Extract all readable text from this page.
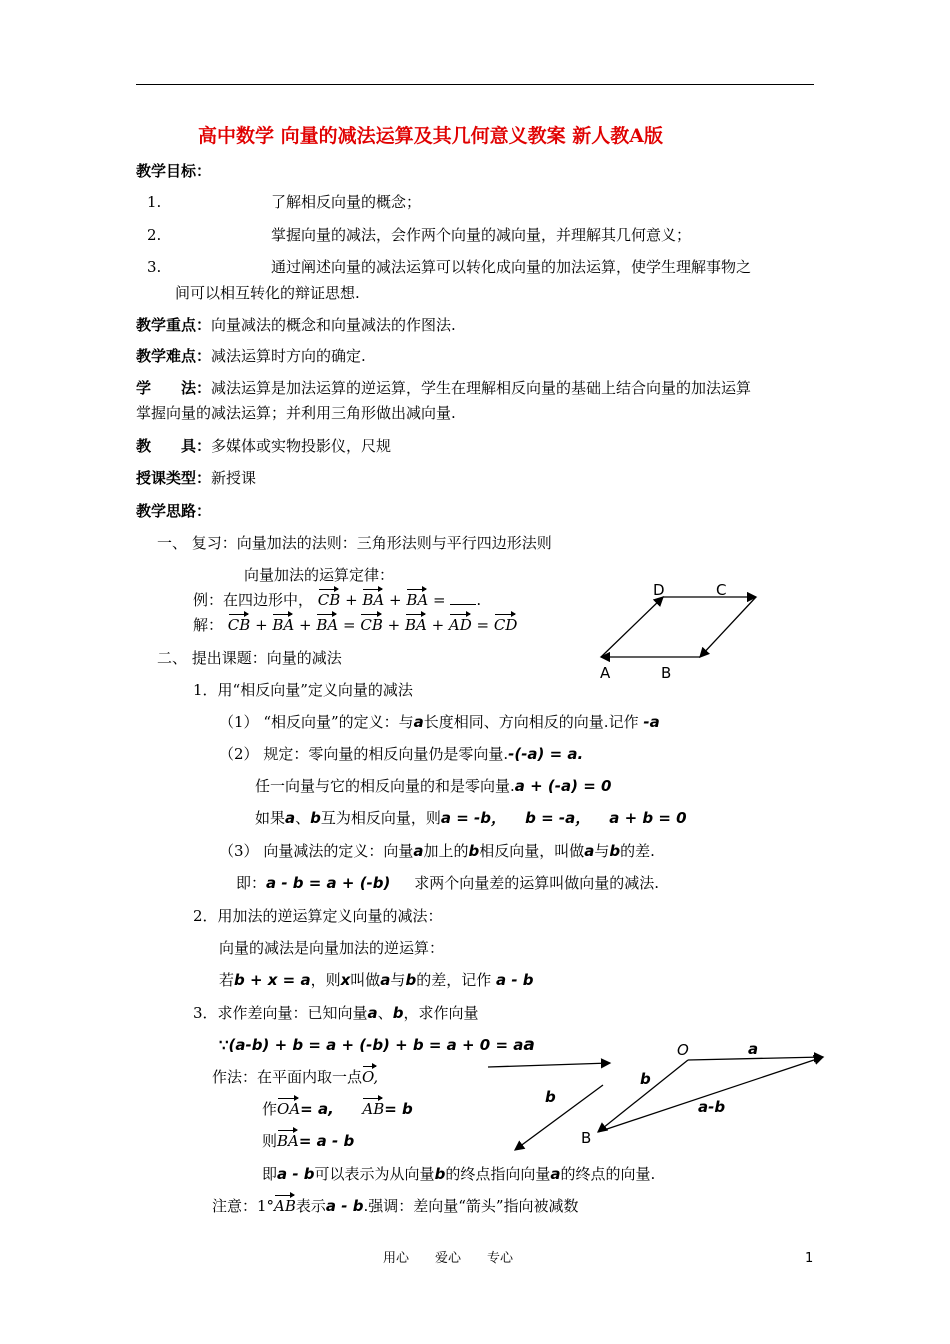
高中数学 向量的减法运算及其几何意义教案 新人教A版
教学目标：
1.	了解相反向量的概念；
2.	掌握向量的减法，会作两个向量的减向量，并理解其几何意义；
3.	通过阐述向量的减法运算可以转化成向量的加法运算，使学生理解事物之
间可以相互转化的辩证思想.
教学重点：向量减法的概念和向量减法的作图法.
教学难点：减法运算时方向的确定.
学　　法：减法运算是加法运算的逆运算，学生在理解相反向量的基础上结合向量的加法运算
掌握向量的减法运算；并利用三角形做出减向量.
教　　具：多媒体或实物投影仪，尺规
授课类型：新授课
教学思路：
一、 复习：向量加法的法则：三角形法则与平行四边形法则
向量加法的运算定律：
例：在四边形中， CB + BA + BA = .
解： CB + BA + BA = CB + BA + AD = CD
D	C
A	B
二、 提出课题：向量的减法
1．用“相反向量”定义向量的减法
（1） “相反向量”的定义：与a长度相同、方向相反的向量.记作 -a
（2） 规定：零向量的相反向量仍是零向量.-(-a) = a.
任一向量与它的相反向量的和是零向量.a + (-a) = 0
如果a、b互为相反向量，则a = -b， b = -a， a + b = 0
（3） 向量减法的定义：向量a加上的b相反向量，叫做a与b的差.
即：a - b = a + (-b) 求两个向量差的运算叫做向量的减法.
2．用加法的逆运算定义向量的减法：
向量的减法是向量加法的逆运算：
若b + x = a，则x叫做a与b的差，记作 a - b
3．求作差向量：已知向量a、b，求作向量
∵(a-b) + b = a + (-b) + b = a + 0 = aa
作法：在平面内取一点O,
作OA= a, AB= b
则BA= a - b
即a - b可以表示为从向量b的终点指向向量a的终点的向量.
注意：1°AB表示a - b.强调：差向量“箭头”指向被减数
b
O	a
b
a-b
B
用心　　爱心　　专心	1
